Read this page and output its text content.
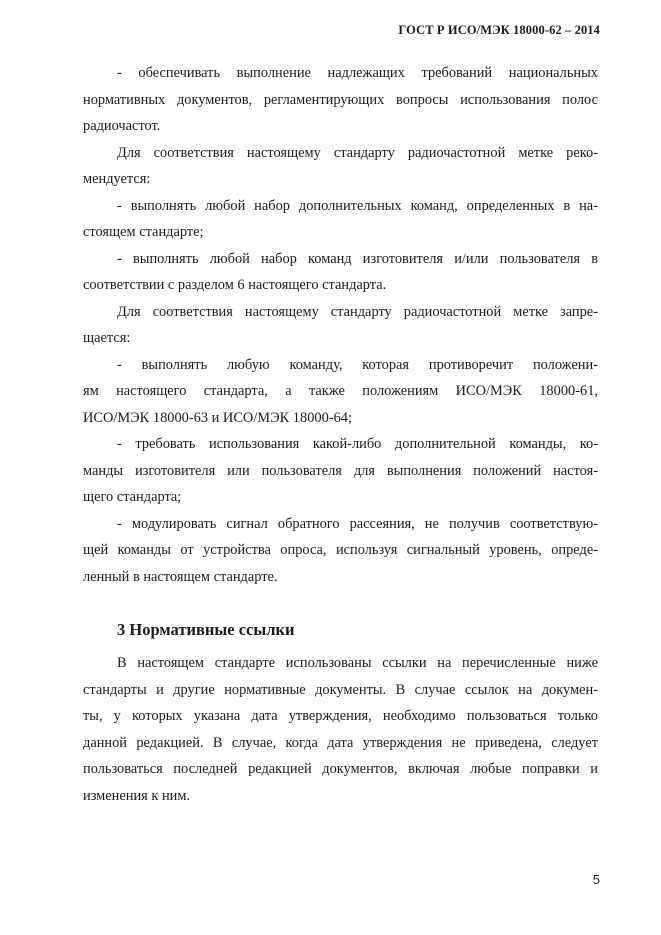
ГОСТ Р ИСО/МЭК 18000-62 – 2014
- обеспечивать выполнение надлежащих требований национальных
нормативных документов, регламентирующих вопросы использования полос
радиочастот.
Для соответствия настоящему стандарту радиочастотной метке реко-
мендуется:
- выполнять любой набор дополнительных команд, определенных в на-
стоящем стандарте;
- выполнять любой набор команд изготовителя и/или пользователя в
соответствии с разделом 6 настоящего стандарта.
Для соответствия настоящему стандарту радиочастотной метке запре-
щается:
- выполнять любую команду, которая противоречит положени-
ям настоящего стандарта, а также положениям ИСО/МЭК 18000-61,
ИСО/МЭК 18000-63 и ИСО/МЭК 18000-64;
- требовать использования какой-либо дополнительной команды, ко-
манды изготовителя или пользователя для выполнения положений настоя-
щего стандарта;
- модулировать сигнал обратного рассеяния, не получив соответствую-
щей команды от устройства опроса, используя сигнальный уровень, опреде-
ленный в настоящем стандарте.
3 Нормативные ссылки
В настоящем стандарте использованы ссылки на перечисленные ниже
стандарты и другие нормативные документы. В случае ссылок на докумен-
ты, у которых указана дата утверждения, необходимо пользоваться только
данной редакцией. В случае, когда дата утверждения не приведена, следует
пользоваться последней редакцией документов, включая любые поправки и
изменения к ним.
5
